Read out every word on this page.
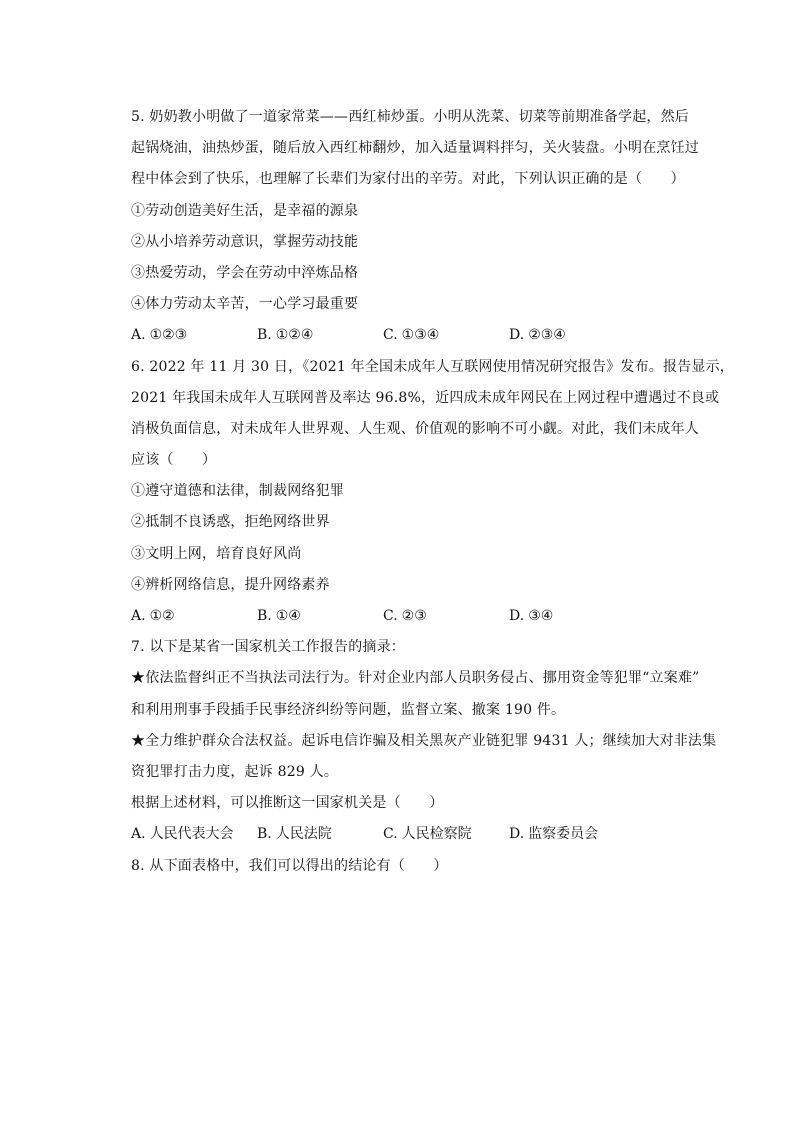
5. 奶奶教小明做了一道家常菜——西红柿炒蛋。小明从洗菜、切菜等前期准备学起，然后
起锅烧油，油热炒蛋，随后放入西红柿翻炒，加入适量调料拌匀，关火装盘。小明在烹饪过
程中体会到了快乐，也理解了长辈们为家付出的辛劳。对此，下列认识正确的是（　　）
①劳动创造美好生活，是幸福的源泉
②从小培养劳动意识，掌握劳动技能
③热爱劳动，学会在劳动中淬炼品格
④体力劳动太辛苦，一心学习最重要
A. ①②③	B. ①②④	C. ①③④	D. ②③④
6. 2022 年 11 月 30 日，《2021 年全国未成年人互联网使用情况研究报告》发布。报告显示，
2021 年我国未成年人互联网普及率达 96.8%，近四成未成年网民在上网过程中遭遇过不良或
消极负面信息，对未成年人世界观、人生观、价值观的影响不可小觑。对此，我们未成年人
应该（　　）
①遵守道德和法律，制裁网络犯罪
②抵制不良诱惑，拒绝网络世界
③文明上网，培育良好风尚
④辨析网络信息，提升网络素养
A. ①②	B. ①④	C. ②③	D. ③④
7. 以下是某省一国家机关工作报告的摘录：
★依法监督纠正不当执法司法行为。针对企业内部人员职务侵占、挪用资金等犯罪“立案难”
和利用刑事手段插手民事经济纠纷等问题，监督立案、撤案 190 件。
★全力维护群众合法权益。起诉电信诈骗及相关黑灰产业链犯罪 9431 人；继续加大对非法集
资犯罪打击力度，起诉 829 人。
根据上述材料，可以推断这一国家机关是（　　）
A. 人民代表大会	B. 人民法院	C. 人民检察院	D. 监察委员会
8. 从下面表格中，我们可以得出的结论有（　　）
